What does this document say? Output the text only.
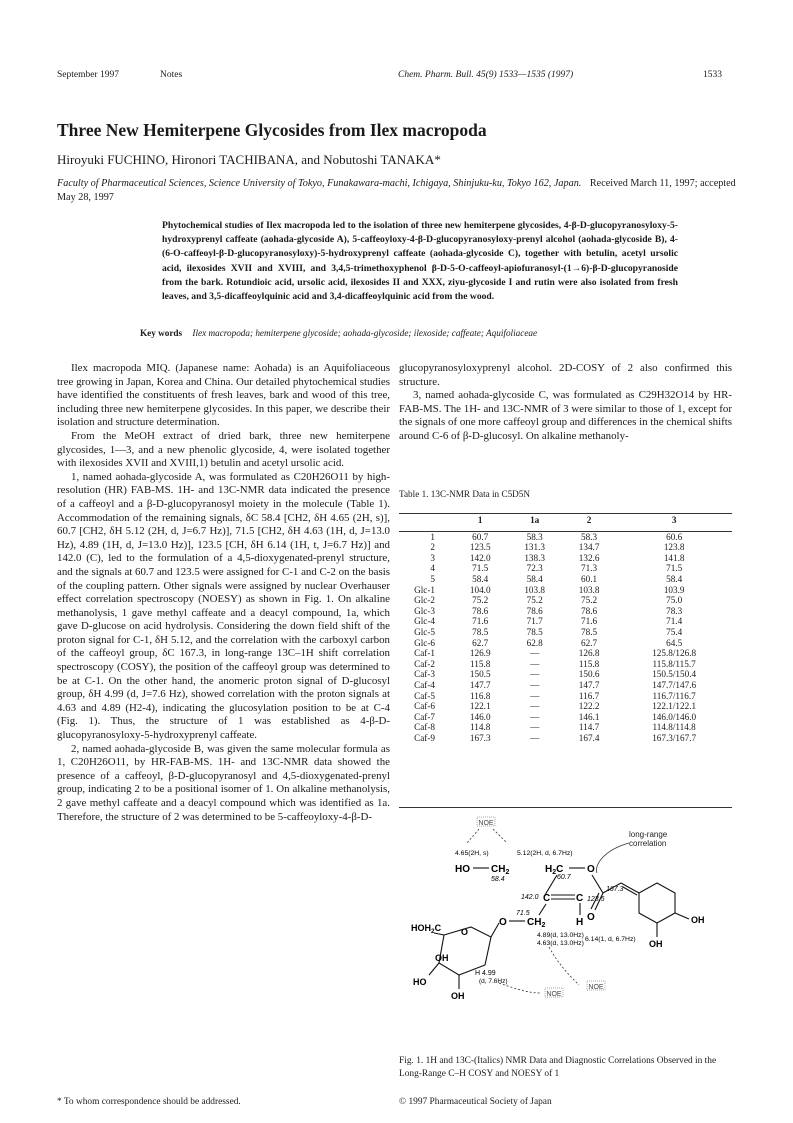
September 1997	Notes	Chem. Pharm. Bull. 45(9) 1533—1535 (1997)	1533
Three New Hemiterpene Glycosides from Ilex macropoda
Hiroyuki FUCHINO, Hironori TACHIBANA, and Nobutoshi TANAKA*
Faculty of Pharmaceutical Sciences, Science University of Tokyo, Funakawara-machi, Ichigaya, Shinjuku-ku, Tokyo 162, Japan. Received March 11, 1997; accepted May 28, 1997
Phytochemical studies of Ilex macropoda led to the isolation of three new hemiterpene glycosides, 4-β-D-glucopyranosyloxy-5-hydroxyprenyl caffeate (aohada-glycoside A), 5-caffeoyloxy-4-β-D-glucopyranosyloxy-prenyl alcohol (aohada-glycoside B), 4-(6-O-caffeoyl-β-D-glucopyranosyloxy)-5-hydroxyprenyl caffeate (aohada-glycoside C), together with betulin, acetyl ursolic acid, ilexosides XVII and XVIII, and 3,4,5-trimethoxyphenol β-D-5-O-caffeoyl-apiofuranosyl-(1→6)-β-D-glucopyranoside from the bark. Rotundioic acid, ursolic acid, ilexosides II and XXX, ziyu-glycoside I and rutin were also isolated from fresh leaves, and 3,5-dicaffeoylquinic acid and 3,4-dicaffeoylquinic acid from the wood.
Key words Ilex macropoda; hemiterpene glycoside; aohada-glycoside; ilexoside; caffeate; Aquifoliaceae

Ilex macropoda MIQ. (Japanese name: Aohada) is an Aquifoliaceous tree growing in Japan, Korea and China. Our detailed phytochemical studies have identified the constituents of fresh leaves, bark and wood of this tree, including three new hemiterpene glycosides. In this paper, we describe their isolation and structure determination.

From the MeOH extract of dried bark, three new hemiterpene glycosides, 1—3, and a new phenolic glycoside, 4, were isolated together with ilexosides XVII and XVIII,1) betulin and acetyl ursolic acid.

1, named aohada-glycoside A, was formulated as C20H26O11 by high-resolution (HR) FAB-MS. 1H- and 13C-NMR data indicated the presence of a caffeoyl and a β-D-glucopyranosyl moiety in the molecule (Table 1). Accommodation of the remaining signals, δC 58.4 [CH2, δH 4.65 (2H, s)], 60.7 [CH2, δH 5.12 (2H, d, J=6.7 Hz)], 71.5 [CH2, δH 4.63 (1H, d, J=13.0 Hz), 4.89 (1H, d, J=13.0 Hz)], 123.5 [CH, δH 6.14 (1H, t, J=6.7 Hz)] and 142.0 (C), led to the formulation of a 4,5-dioxygenated-prenyl structure, and the signals at 60.7 and 123.5 were assigned for C-1 and C-2 on the basis of the coupling pattern. Other signals were assigned by nuclear Overhauser effect correlation spectroscopy (NOESY) as shown in Fig. 1. On alkaline methanolysis, 1 gave methyl caffeate and a deacyl compound, 1a, which gave D-glucose on acid hydrolysis. Considering the down field shift of the proton signal for C-1, δH 5.12, and the correlation with the carboxyl carbon of the caffeoyl group, δC 167.3, in long-range 13C–1H shift correlation spectroscopy (COSY), the position of the caffeoyl group was determined to be at C-1. On the other hand, the anomeric proton signal of D-glucosyl group, δH 4.99 (d, J=7.6 Hz), showed correlation with the proton signals at 4.63 and 4.89 (H2-4), indicating the glucosylation position to be at C-4 (Fig. 1). Thus, the structure of 1 was established as 4-β-D-glucopyranosyloxy-5-hydroxyprenyl caffeate.

2, named aohada-glycoside B, was given the same molecular formula as 1, C20H26O11, by HR-FAB-MS. 1H- and 13C-NMR data showed the presence of a caffeoyl, β-D-glucopyranosyl and 4,5-dioxygenated-prenyl group, indicating 2 to be a positional isomer of 1. On alkaline methanolysis, 2 gave methyl caffeate and a deacyl compound which was identified as 1a. Therefore, the structure of 2 was determined to be 5-caffeoyloxy-4-β-D-

glucopyranosyloxyprenyl alcohol. 2D-COSY of 2 also confirmed this structure.

3, named aohada-glycoside C, was formulated as C29H32O14 by HR-FAB-MS. The 1H- and 13C-NMR of 3 were similar to those of 1, except for the signals of one more caffeoyl group and differences in the chemical shifts around C-6 of β-D-glucosyl. On alkaline methanoly-

Table 1. 13C-NMR Data in C5D5N
	1	1a	2	3
1	60.7	58.3	58.3	60.6
2	123.5	131.3	134.7	123.8
3	142.0	138.3	132.6	141.8
4	71.5	72.3	71.3	71.5
5	58.4	58.4	60.1	58.4
Glc-1	104.0	103.8	103.8	103.9
Glc-2	75.2	75.2	75.2	75.0
Glc-3	78.6	78.6	78.6	78.3
Glc-4	71.6	71.7	71.6	71.4
Glc-5	78.5	78.5	78.5	75.4
Glc-6	62.7	62.8	62.7	64.5
Caf-1	126.9	—	126.8	125.8/126.8
Caf-2	115.8	—	115.8	115.8/115.7
Caf-3	150.5	—	150.6	150.5/150.4
Caf-4	147.7	—	147.7	147.7/147.6
Caf-5	116.8	—	116.7	116.7/116.7
Caf-6	122.1	—	122.2	122.1/122.1
Caf-7	146.0	—	146.1	146.0/146.0
Caf-8	114.8	—	114.7	114.8/114.8
Caf-9	167.3	—	167.4	167.3/167.7
NOE
long-range
correlation
4.65(2H, s)	5.12(2H, d, 6.7Hz)
HO $CH_2$
58.4
$H_2C$ O
60.7
O
167.3
OH
OH
142.0 C	C 123.5
H
6.14(1, d, 6.7Hz)
71.5
$CH_2$
O
4.89(d, 13.0Hz)
4.63(d, 13.0Hz)
$HOH_2C$ O
OH
HO
OH
H 4.99
(d, 7.6Hz)
NOE
NOE
Fig. 1. 1H and 13C-(Italics) NMR Data and Diagnostic Correlations Observed in the Long-Range C–H COSY and NOESY of 1
* To whom correspondence should be addressed.	© 1997 Pharmaceutical Society of Japan
